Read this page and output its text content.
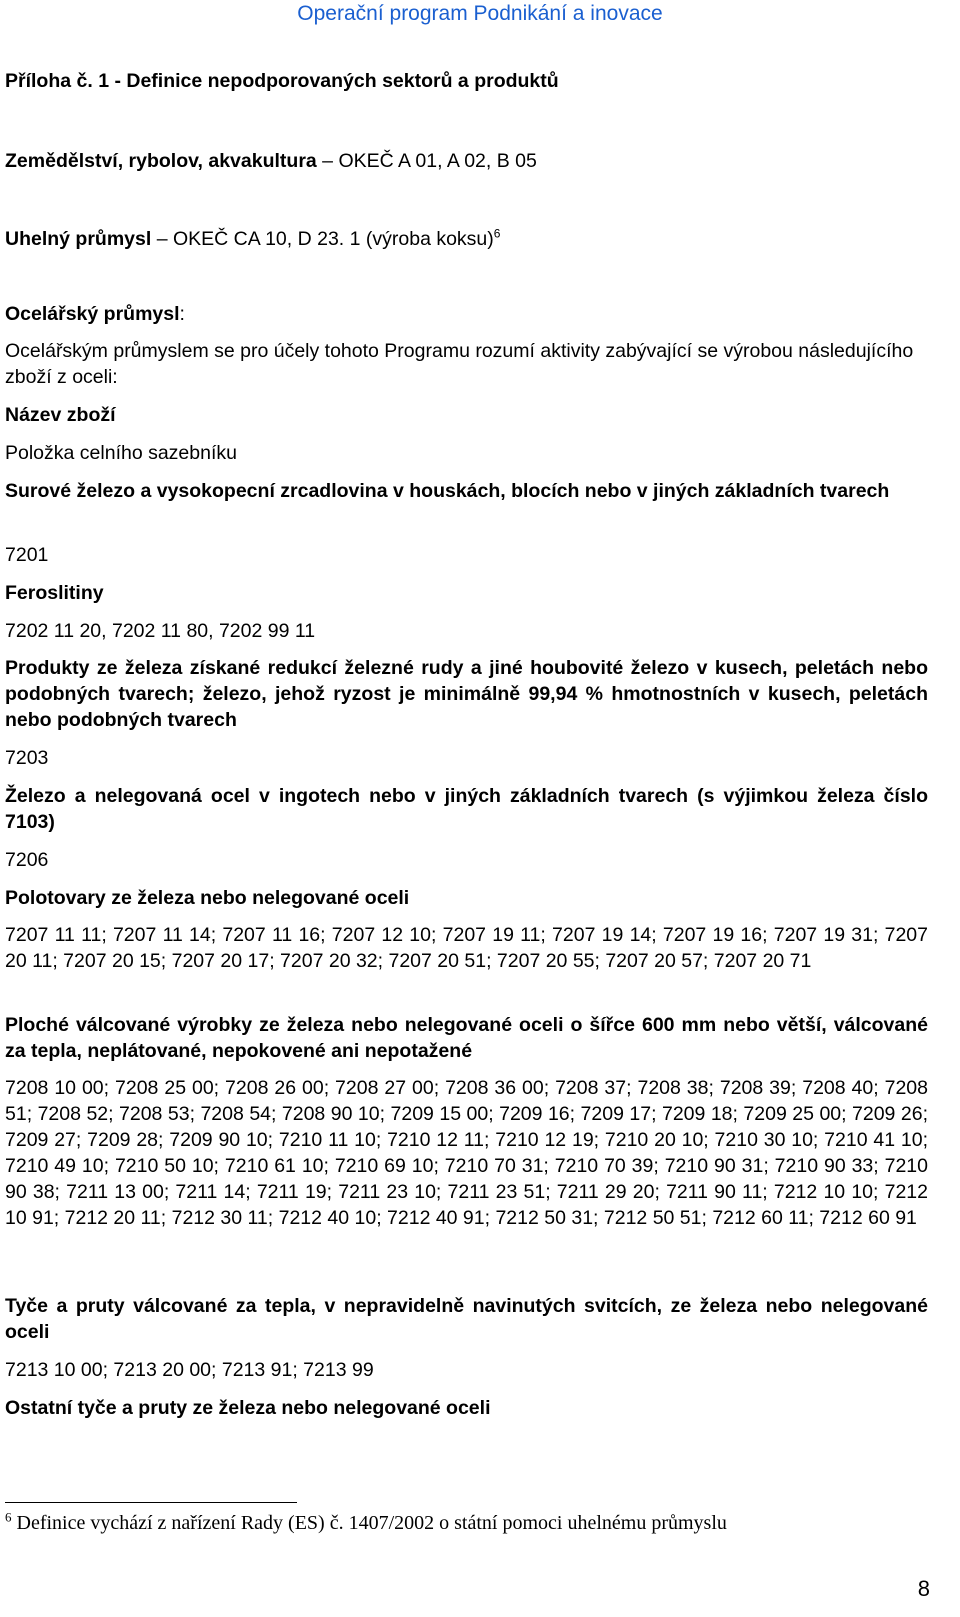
Operační program Podnikání a inovace
Příloha č. 1 - Definice nepodporovaných sektorů a produktů
Zemědělství, rybolov, akvakultura – OKEČ A 01, A 02, B 05
Uhelný průmysl – OKEČ CA 10, D 23. 1 (výroba koksu)$^6$
Ocelářský průmysl:
Ocelářským průmyslem se pro účely tohoto Programu rozumí aktivity zabývající se výrobou následujícího zboží z oceli:
Název zboží
Položka celního sazebníku
Surové železo a vysokopecní zrcadlovina v houskách, blocích nebo v jiných základních tvarech
7201
Feroslitiny
7202 11 20, 7202 11 80, 7202 99 11
Produkty ze železa získané redukcí železné rudy a jiné houbovité železo v kusech, peletách nebo podobných tvarech; železo, jehož ryzost je minimálně 99,94 % hmotnostních v kusech, peletách nebo podobných tvarech
7203
Železo a nelegovaná ocel v ingotech nebo v jiných základních tvarech (s výjimkou železa číslo 7103)
7206
Polotovary ze železa nebo nelegované oceli
7207 11 11; 7207 11 14; 7207 11 16; 7207 12 10; 7207 19 11; 7207 19 14; 7207 19 16; 7207 19 31; 7207 20 11; 7207 20 15; 7207 20 17; 7207 20 32; 7207 20 51; 7207 20 55; 7207 20 57; 7207 20 71
Ploché válcované výrobky ze železa nebo nelegované oceli o šířce 600 mm nebo větší, válcované za tepla, neplátované, nepokovené ani nepotažené
7208 10 00; 7208 25 00; 7208 26 00; 7208 27 00; 7208 36 00; 7208 37; 7208 38; 7208 39; 7208 40; 7208 51; 7208 52; 7208 53; 7208 54; 7208 90 10; 7209 15 00; 7209 16; 7209 17; 7209 18; 7209 25 00; 7209 26; 7209 27; 7209 28; 7209 90 10; 7210 11 10; 7210 12 11; 7210 12 19; 7210 20 10; 7210 30 10; 7210 41 10; 7210 49 10; 7210 50 10; 7210 61 10; 7210 69 10; 7210 70 31; 7210 70 39; 7210 90 31; 7210 90 33; 7210 90 38; 7211 13 00; 7211 14; 7211 19; 7211 23 10; 7211 23 51; 7211 29 20; 7211 90 11; 7212 10 10; 7212 10 91; 7212 20 11; 7212 30 11; 7212 40 10; 7212 40 91; 7212 50 31; 7212 50 51; 7212 60 11; 7212 60 91
Tyče a pruty válcované za tepla, v nepravidelně navinutých svitcích, ze železa nebo nelegované oceli
7213 10 00; 7213 20 00; 7213 91; 7213 99
Ostatní tyče a pruty ze železa nebo nelegované oceli
$^6$ Definice vychází z nařízení Rady (ES) č. 1407/2002 o státní pomoci uhelnému průmyslu
8
